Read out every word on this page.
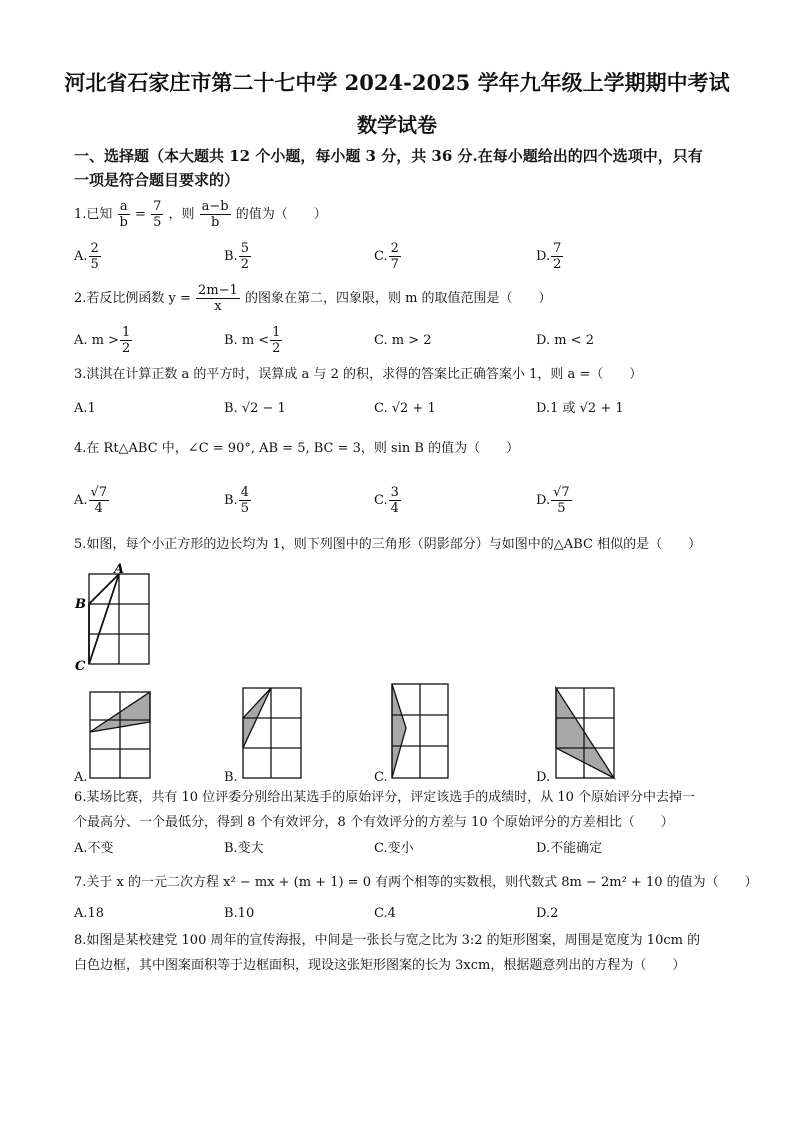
河北省石家庄市第二十七中学 2024-2025 学年九年级上学期期中考试
数学试卷
一、选择题（本大题共 12 个小题，每小题 3 分，共 36 分.在每小题给出的四个选项中，只有
一项是符合题目要求的）
1.已知 $\frac{a}{b} = \frac{7}{5}$ ，则 $\frac{a-b}{b}$ 的值为（　　）
A. $\frac{2}{5}$	B. $\frac{5}{2}$	C. $\frac{2}{7}$	D. $\frac{7}{2}$
2.若反比例函数 $y = \frac{2m-1}{x}$ 的图象在第二，四象限，则 m 的取值范围是（　　）
A. $m > \frac{1}{2}$	B. $m < \frac{1}{2}$	C. m > 2	D. m < 2
3.淇淇在计算正数 a 的平方时，误算成 a 与 2 的积，求得的答案比正确答案小 1，则 a =（　　）
A.1	B. √2 − 1	C. √2 + 1	D.1 或 √2 + 1
4.在 Rt△ABC 中，∠C = 90°, AB = 5, BC = 3，则 sin B 的值为（　　）
A. $\frac{√7}{4}$	B. $\frac{4}{5}$	C. $\frac{3}{4}$	D. $\frac{√7}{5}$
5.如图，每个小正方形的边长均为 1，则下列图中的三角形（阴影部分）与如图中的△ABC 相似的是（　　）
A
B
C
A.	B.	C.	D.
6.某场比赛，共有 10 位评委分别给出某选手的原始评分，评定该选手的成绩时，从 10 个原始评分中去掉一
个最高分、一个最低分，得到 8 个有效评分，8 个有效评分的方差与 10 个原始评分的方差相比（　　）
A.不变	B.变大	C.变小	D.不能确定
7.关于 x 的一元二次方程 x² − mx + (m + 1) = 0 有两个相等的实数根，则代数式 8m − 2m² + 10 的值为（　　）
A.18	B.10	C.4	D.2
8.如图是某校建党 100 周年的宣传海报，中间是一张长与宽之比为 3:2 的矩形图案，周围是宽度为 10cm 的
白色边框，其中图案面积等于边框面积，现设这张矩形图案的长为 3xcm，根据题意列出的方程为（　　）
